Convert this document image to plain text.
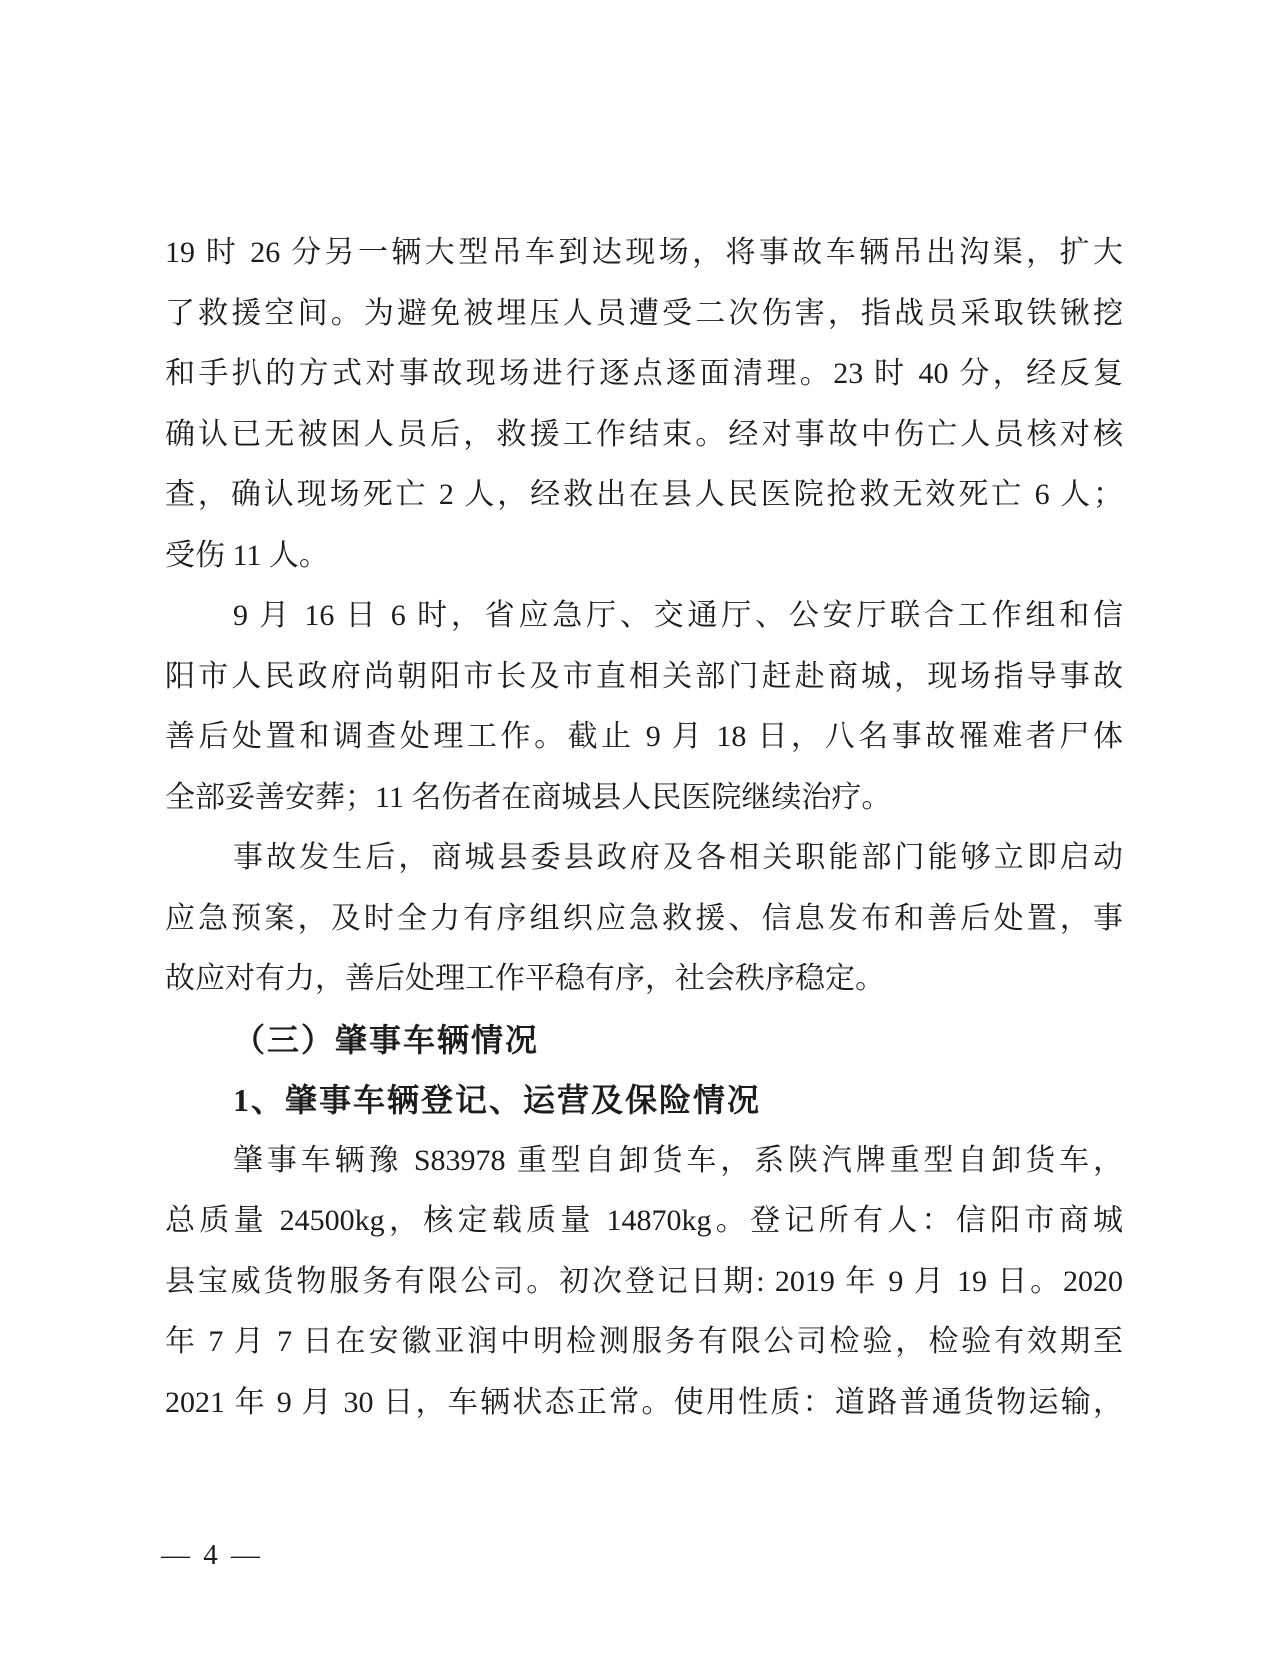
19 时 26 分另一辆大型吊车到达现场，将事故车辆吊出沟渠，扩大
了救援空间。为避免被埋压人员遭受二次伤害，指战员采取铁锹挖
和手扒的方式对事故现场进行逐点逐面清理。23 时 40 分，经反复
确认已无被困人员后，救援工作结束。经对事故中伤亡人员核对核
查，确认现场死亡 2 人，经救出在县人民医院抢救无效死亡 6 人；
受伤 11 人。
9 月 16 日 6 时，省应急厅、交通厅、公安厅联合工作组和信
阳市人民政府尚朝阳市长及市直相关部门赶赴商城，现场指导事故
善后处置和调查处理工作。截止 9 月 18 日，八名事故罹难者尸体
全部妥善安葬；11 名伤者在商城县人民医院继续治疗。
事故发生后，商城县委县政府及各相关职能部门能够立即启动
应急预案，及时全力有序组织应急救援、信息发布和善后处置，事
故应对有力，善后处理工作平稳有序，社会秩序稳定。
（三）肇事车辆情况
1、肇事车辆登记、运营及保险情况
肇事车辆豫 S83978 重型自卸货车，系陕汽牌重型自卸货车，
总质量 24500kg，核定载质量 14870kg。登记所有人：信阳市商城
县宝威货物服务有限公司。初次登记日期: 2019 年 9 月 19 日。2020
年 7 月 7 日在安徽亚润中明检测服务有限公司检验，检验有效期至
2021 年 9 月 30 日，车辆状态正常。使用性质：道路普通货物运输，
— 4 —
